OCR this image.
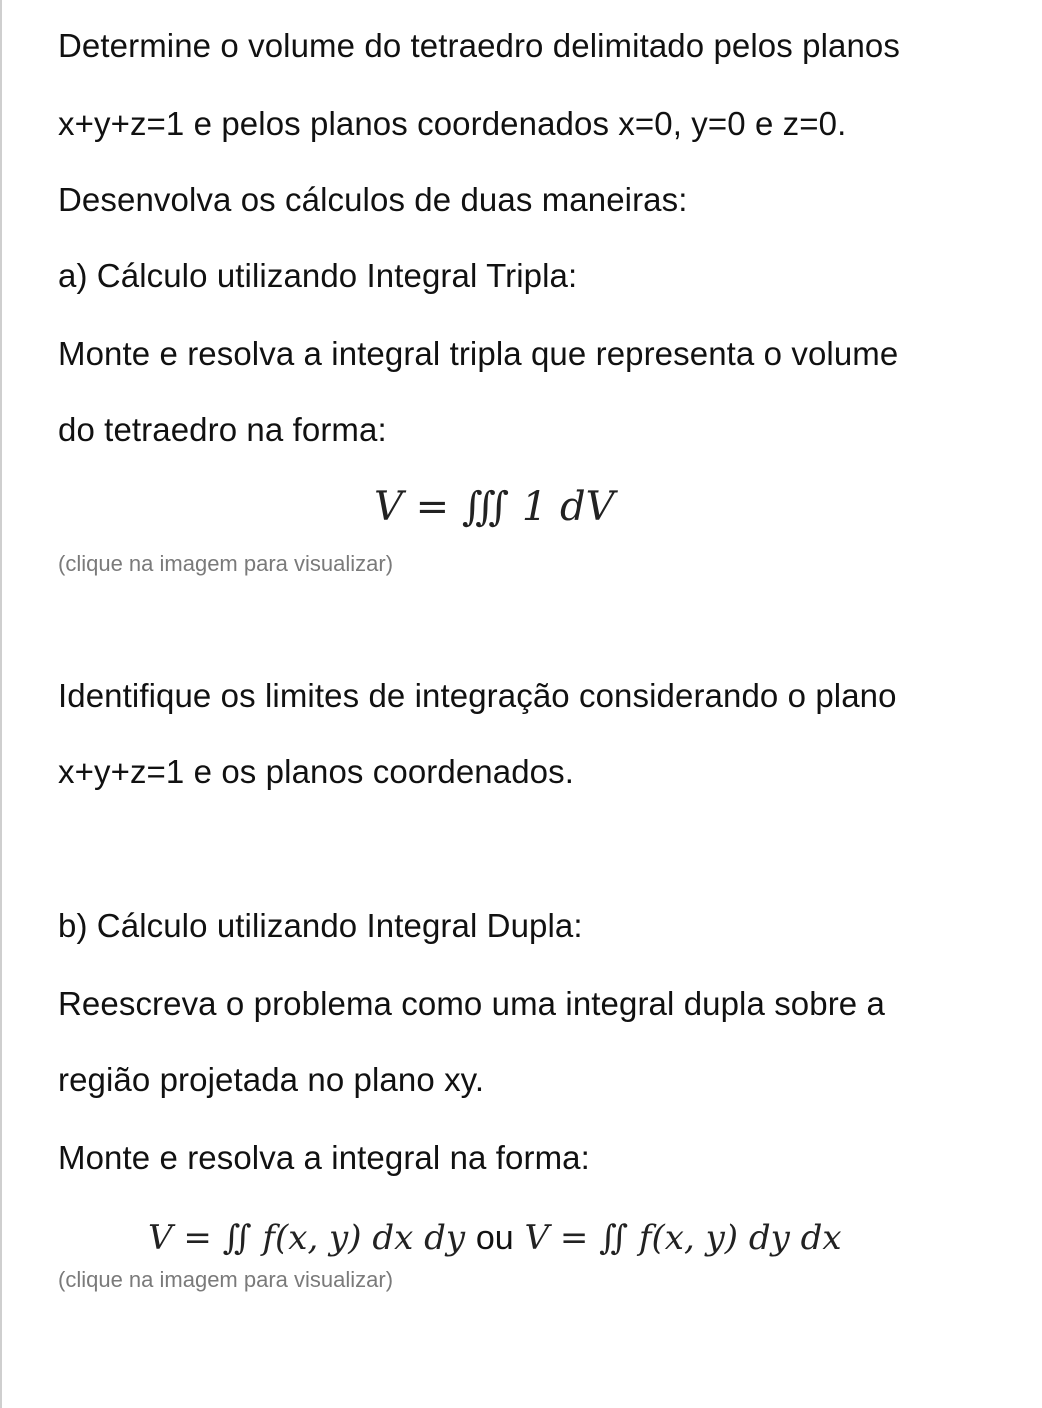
Determine o volume do tetraedro delimitado pelos planos
x+y+z=1 e pelos planos coordenados x=0, y=0 e z=0.
Desenvolva os cálculos de duas maneiras:
a) Cálculo utilizando Integral Tripla:
Monte e resolva a integral tripla que representa o volume
do tetraedro na forma:
V = ∭ 1 dV
(clique na imagem para visualizar)
Identifique os limites de integração considerando o plano
x+y+z=1 e os planos coordenados.
b) Cálculo utilizando Integral Dupla:
Reescreva o problema como uma integral dupla sobre a
região projetada no plano xy.
Monte e resolva a integral na forma:
V = ∬ f(x, y) dx dy ou V = ∬ f(x, y) dy dx
(clique na imagem para visualizar)
